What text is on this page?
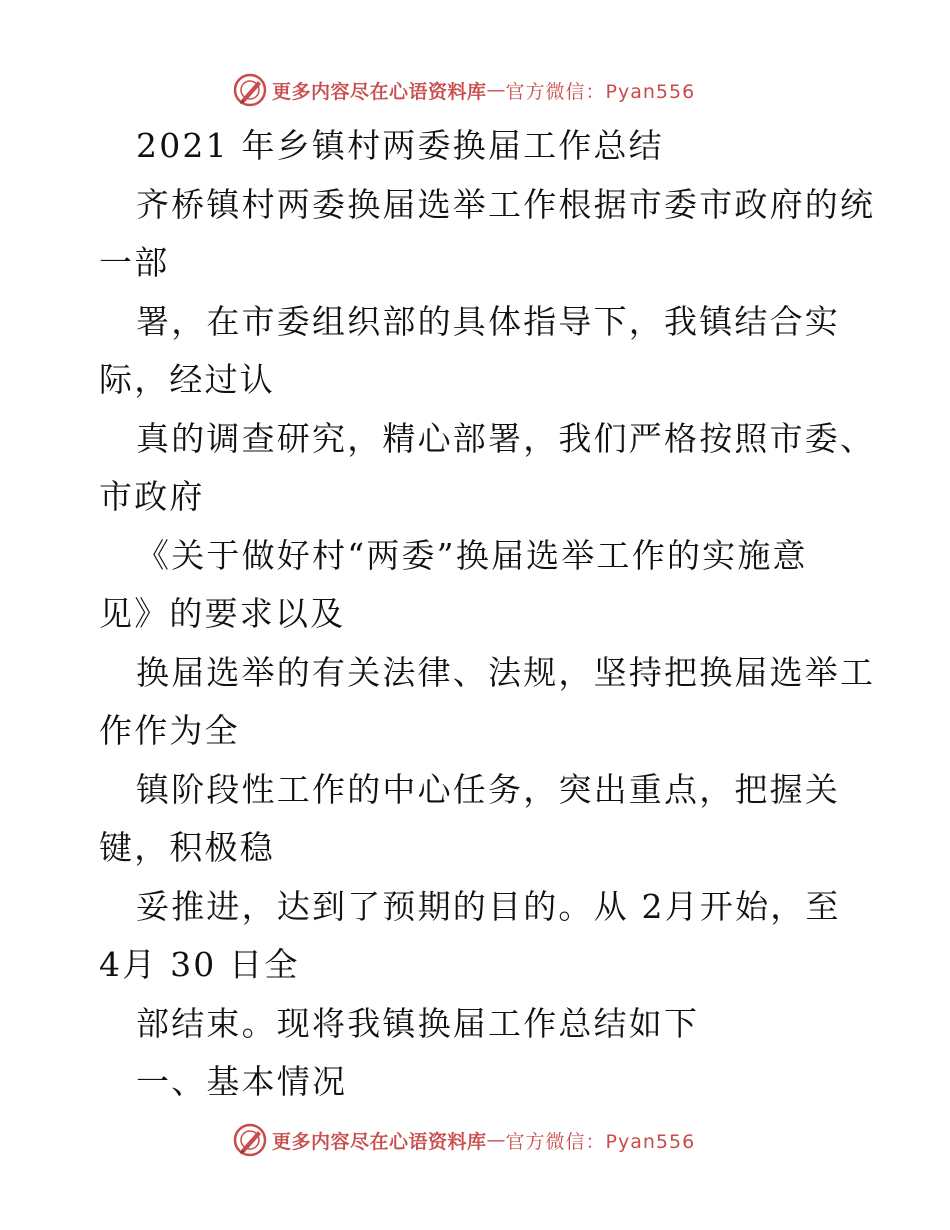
更多内容尽在心语资料库 — 官方微信：Pyan556
2021 年乡镇村两委换届工作总结
齐桥镇村两委换届选举工作根据市委市政府的统
一部
署，在市委组织部的具体指导下，我镇结合实
际，经过认
真的调查研究，精心部署，我们严格按照市委、
市政府
《关于做好村“两委”换届选举工作的实施意
见》的要求以及
换届选举的有关法律、法规，坚持把换届选举工
作作为全
镇阶段性工作的中心任务，突出重点，把握关
键，积极稳
妥推进，达到了预期的目的。从 2月开始，至
4月 30 日全
部结束。现将我镇换届工作总结如下
一、基本情况
更多内容尽在心语资料库 — 官方微信：Pyan556
